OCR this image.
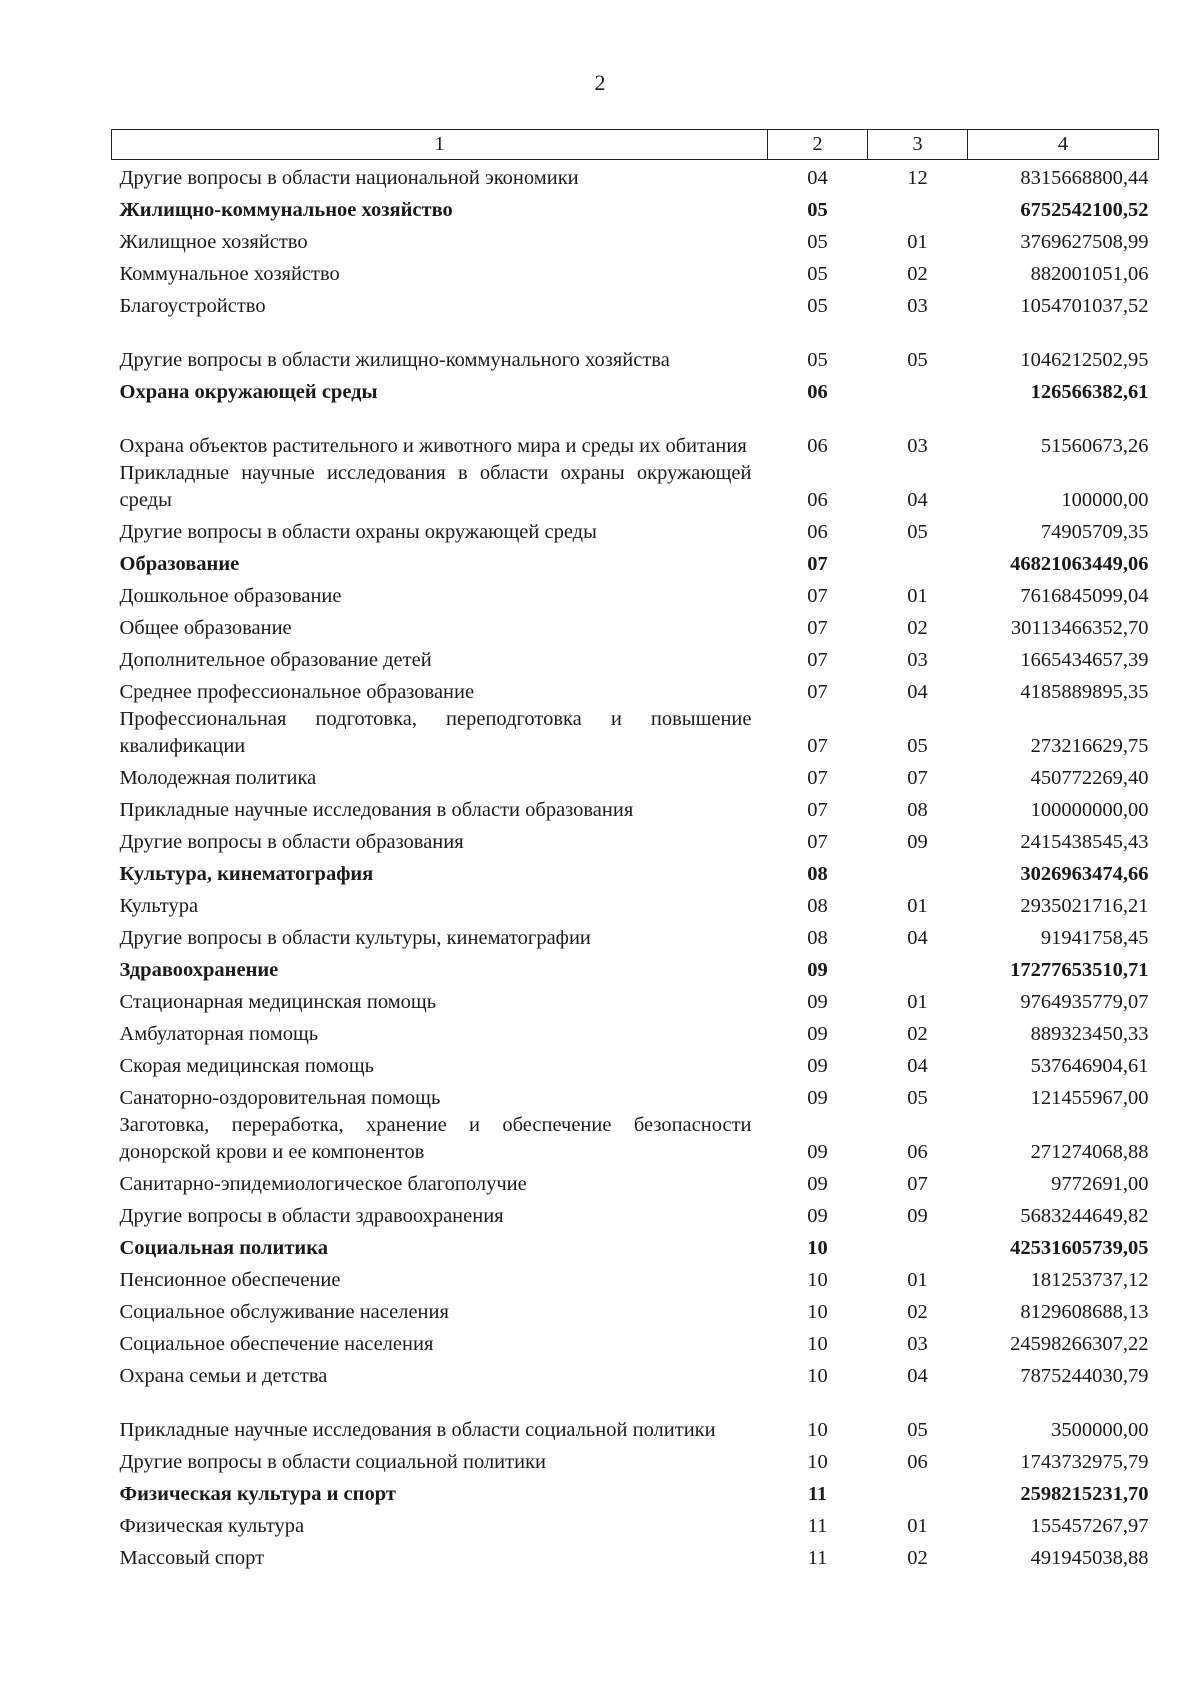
2
1	2	3	4
Другие вопросы в области национальной экономики	04	12	8315668800,44
Жилищно-коммунальное хозяйство	05		6752542100,52
Жилищное хозяйство	05	01	3769627508,99
Коммунальное хозяйство	05	02	882001051,06
Благоустройство	05	03	1054701037,52
Другие вопросы в области жилищно-коммунального хозяйства	05	05	1046212502,95
Охрана окружающей среды	06		126566382,61
Охрана объектов растительного и животного мира и среды их обитания	06	03	51560673,26
Прикладные научные исследования в области охраны окружающей среды	06	04	100000,00
Другие вопросы в области охраны окружающей среды	06	05	74905709,35
Образование	07		46821063449,06
Дошкольное образование	07	01	7616845099,04
Общее образование	07	02	30113466352,70
Дополнительное образование детей	07	03	1665434657,39
Среднее профессиональное образование	07	04	4185889895,35
Профессиональная подготовка, переподготовка и повышение квалификации	07	05	273216629,75
Молодежная политика	07	07	450772269,40
Прикладные научные исследования в области образования	07	08	100000000,00
Другие вопросы в области образования	07	09	2415438545,43
Культура, кинематография	08		3026963474,66
Культура	08	01	2935021716,21
Другие вопросы в области культуры, кинематографии	08	04	91941758,45
Здравоохранение	09		17277653510,71
Стационарная медицинская помощь	09	01	9764935779,07
Амбулаторная помощь	09	02	889323450,33
Скорая медицинская помощь	09	04	537646904,61
Санаторно-оздоровительная помощь	09	05	121455967,00
Заготовка, переработка, хранение и обеспечение безопасности донорской крови и ее компонентов	09	06	271274068,88
Санитарно-эпидемиологическое благополучие	09	07	9772691,00
Другие вопросы в области здравоохранения	09	09	5683244649,82
Социальная политика	10		42531605739,05
Пенсионное обеспечение	10	01	181253737,12
Социальное обслуживание населения	10	02	8129608688,13
Социальное обеспечение населения	10	03	24598266307,22
Охрана семьи и детства	10	04	7875244030,79
Прикладные научные исследования в области социальной политики	10	05	3500000,00
Другие вопросы в области социальной политики	10	06	1743732975,79
Физическая культура и спорт	11		2598215231,70
Физическая культура	11	01	155457267,97
Массовый спорт	11	02	491945038,88
